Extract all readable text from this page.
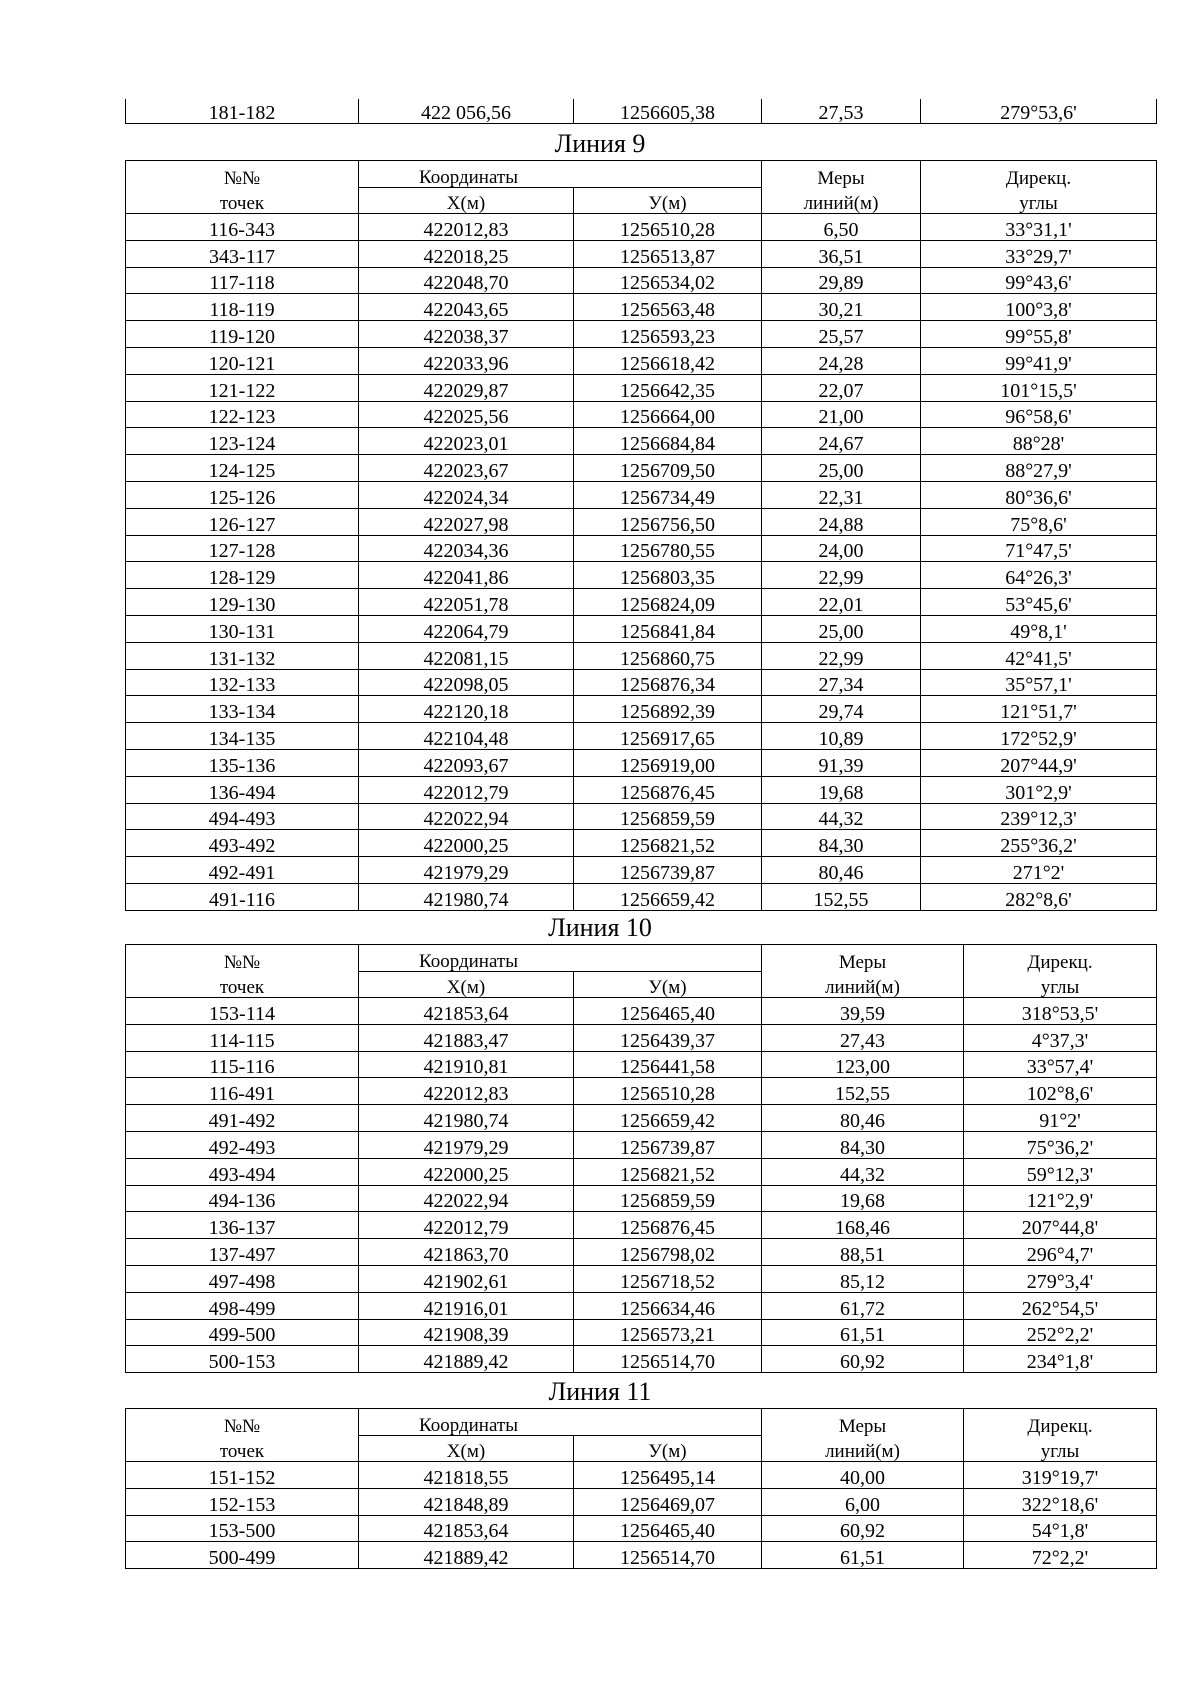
181-182	422 056,56	1256605,38	27,53	279°53,6'
Линия 9
№№	Координаты		Меры	Дирекц.
точек	X(м)	У(м)	линий(м)	углы
116-343	422012,83	1256510,28	6,50	33°31,1'
343-117	422018,25	1256513,87	36,51	33°29,7'
117-118	422048,70	1256534,02	29,89	99°43,6'
118-119	422043,65	1256563,48	30,21	100°3,8'
119-120	422038,37	1256593,23	25,57	99°55,8'
120-121	422033,96	1256618,42	24,28	99°41,9'
121-122	422029,87	1256642,35	22,07	101°15,5'
122-123	422025,56	1256664,00	21,00	96°58,6'
123-124	422023,01	1256684,84	24,67	88°28'
124-125	422023,67	1256709,50	25,00	88°27,9'
125-126	422024,34	1256734,49	22,31	80°36,6'
126-127	422027,98	1256756,50	24,88	75°8,6'
127-128	422034,36	1256780,55	24,00	71°47,5'
128-129	422041,86	1256803,35	22,99	64°26,3'
129-130	422051,78	1256824,09	22,01	53°45,6'
130-131	422064,79	1256841,84	25,00	49°8,1'
131-132	422081,15	1256860,75	22,99	42°41,5'
132-133	422098,05	1256876,34	27,34	35°57,1'
133-134	422120,18	1256892,39	29,74	121°51,7'
134-135	422104,48	1256917,65	10,89	172°52,9'
135-136	422093,67	1256919,00	91,39	207°44,9'
136-494	422012,79	1256876,45	19,68	301°2,9'
494-493	422022,94	1256859,59	44,32	239°12,3'
493-492	422000,25	1256821,52	84,30	255°36,2'
492-491	421979,29	1256739,87	80,46	271°2'
491-116	421980,74	1256659,42	152,55	282°8,6'
Линия 10
№№	Координаты		Меры	Дирекц.
точек	X(м)	У(м)	линий(м)	углы
153-114	421853,64	1256465,40	39,59	318°53,5'
114-115	421883,47	1256439,37	27,43	4°37,3'
115-116	421910,81	1256441,58	123,00	33°57,4'
116-491	422012,83	1256510,28	152,55	102°8,6'
491-492	421980,74	1256659,42	80,46	91°2'
492-493	421979,29	1256739,87	84,30	75°36,2'
493-494	422000,25	1256821,52	44,32	59°12,3'
494-136	422022,94	1256859,59	19,68	121°2,9'
136-137	422012,79	1256876,45	168,46	207°44,8'
137-497	421863,70	1256798,02	88,51	296°4,7'
497-498	421902,61	1256718,52	85,12	279°3,4'
498-499	421916,01	1256634,46	61,72	262°54,5'
499-500	421908,39	1256573,21	61,51	252°2,2'
500-153	421889,42	1256514,70	60,92	234°1,8'
Линия 11
№№	Координаты		Меры	Дирекц.
точек	X(м)	У(м)	линий(м)	углы
151-152	421818,55	1256495,14	40,00	319°19,7'
152-153	421848,89	1256469,07	6,00	322°18,6'
153-500	421853,64	1256465,40	60,92	54°1,8'
500-499	421889,42	1256514,70	61,51	72°2,2'
